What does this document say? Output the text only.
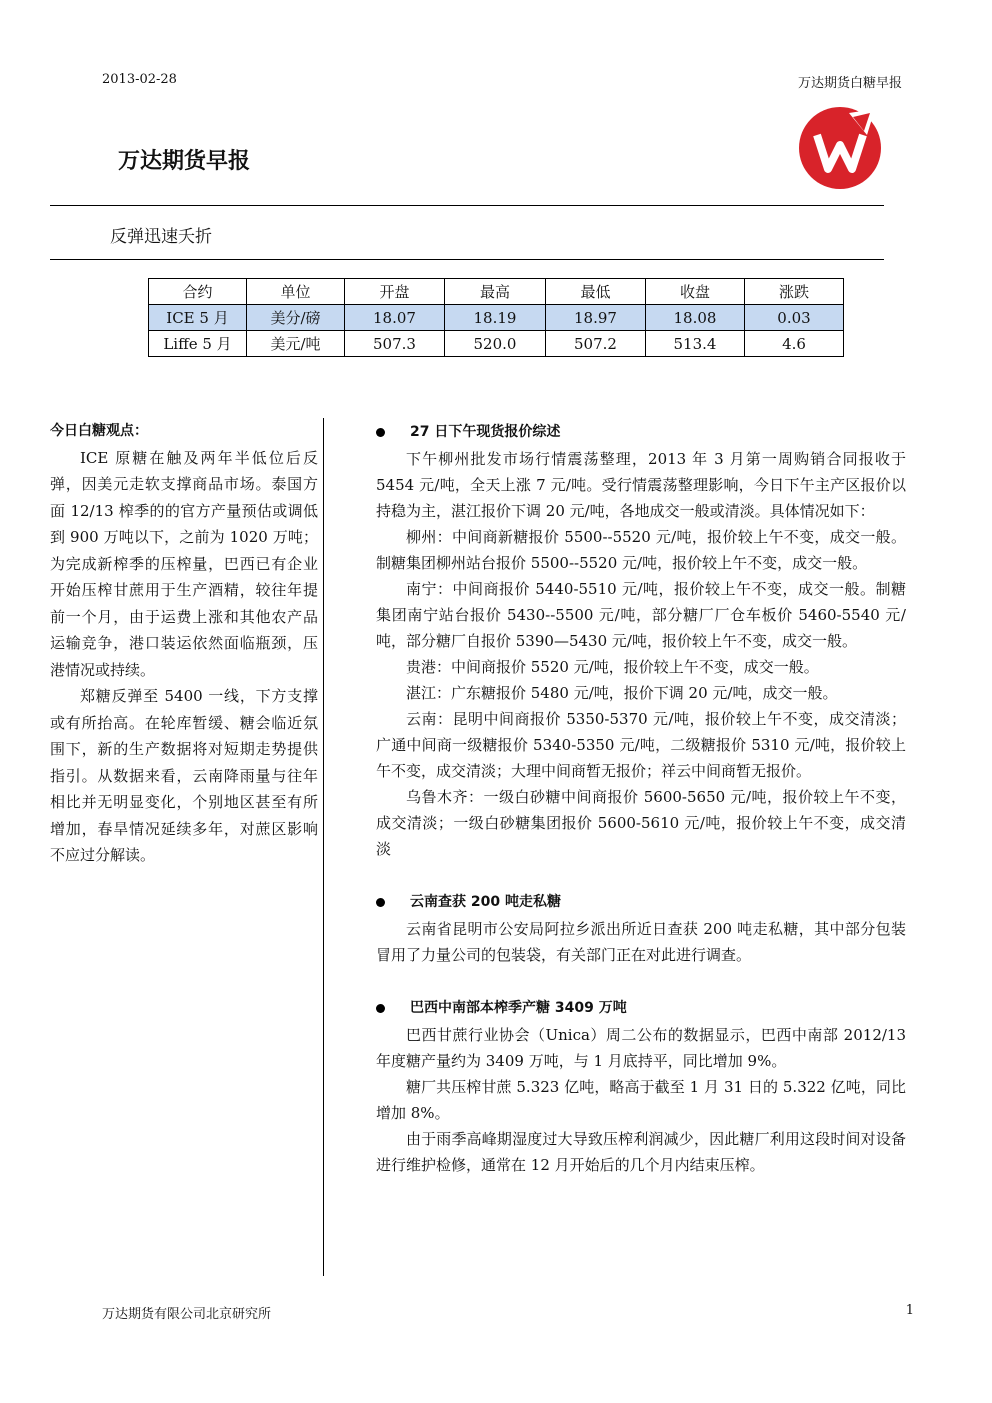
2013-02-28	万达期货白糖早报
万达期货早报
反弹迅速夭折
合约	单位	开盘	最高	最低	收盘	涨跌
ICE 5 月	美分/磅	18.07	18.19	18.97	18.08	0.03
Liffe 5 月	美元/吨	507.3	520.0	507.2	513.4	4.6

今日白糖观点：

ICE 原糖在触及两年半低位后反弹，因美元走软支撑商品市场。泰国方面 12/13 榨季的的官方产量预估或调低到 900 万吨以下，之前为 1020 万吨；为完成新榨季的压榨量，巴西已有企业开始压榨甘蔗用于生产酒精，较往年提前一个月，由于运费上涨和其他农产品运输竞争，港口装运依然面临瓶颈，压港情况或持续。

郑糖反弹至 5400 一线，下方支撑或有所抬高。在轮库暂缓、糖会临近氛围下，新的生产数据将对短期走势提供指引。从数据来看，云南降雨量与往年相比并无明显变化，个别地区甚至有所增加，春旱情况延续多年，对蔗区影响不应过分解读。

27 日下午现货报价综述

下午柳州批发市场行情震荡整理，2013 年 3 月第一周购销合同报收于 5454 元/吨，全天上涨 7 元/吨。受行情震荡整理影响，今日下午主产区报价以持稳为主，湛江报价下调 20 元/吨，各地成交一般或清淡。具体情况如下：

柳州：中间商新糖报价 5500--5520 元/吨，报价较上午不变，成交一般。制糖集团柳州站台报价 5500--5520 元/吨，报价较上午不变，成交一般。

南宁：中间商报价 5440-5510 元/吨，报价较上午不变，成交一般。制糖集团南宁站台报价 5430--5500 元/吨，部分糖厂厂仓车板价 5460-5540 元/吨，部分糖厂自报价 5390—5430 元/吨，报价较上午不变，成交一般。

贵港：中间商报价 5520 元/吨，报价较上午不变，成交一般。

湛江：广东糖报价 5480 元/吨，报价下调 20 元/吨，成交一般。

云南：昆明中间商报价 5350-5370 元/吨，报价较上午不变，成交清淡；广通中间商一级糖报价 5340-5350 元/吨，二级糖报价 5310 元/吨，报价较上午不变，成交清淡；大理中间商暂无报价；祥云中间商暂无报价。

乌鲁木齐：一级白砂糖中间商报价 5600-5650 元/吨，报价较上午不变，成交清淡；一级白砂糖集团报价 5600-5610 元/吨，报价较上午不变，成交清淡

云南查获 200 吨走私糖

云南省昆明市公安局阿拉乡派出所近日查获 200 吨走私糖，其中部分包装冒用了力量公司的包装袋，有关部门正在对此进行调查。

巴西中南部本榨季产糖 3409 万吨

巴西甘蔗行业协会（Unica）周二公布的数据显示，巴西中南部 2012/13 年度糖产量约为 3409 万吨，与 1 月底持平，同比增加 9%。

糖厂共压榨甘蔗 5.323 亿吨，略高于截至 1 月 31 日的 5.322 亿吨，同比增加 8%。

由于雨季高峰期湿度过大导致压榨利润减少，因此糖厂利用这段时间对设备进行维护检修，通常在 12 月开始后的几个月内结束压榨。

万达期货有限公司北京研究所	1
